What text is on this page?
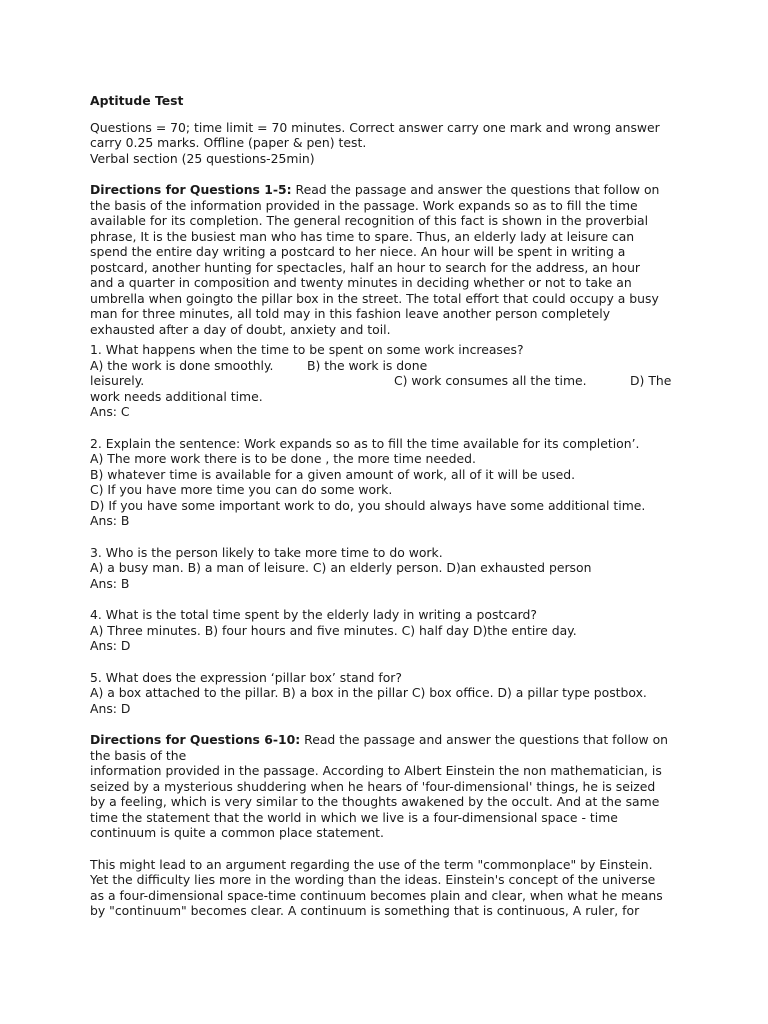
Aptitude Test
Questions = 70; time limit = 70 minutes. Correct answer carry one mark and wrong answer
carry 0.25 marks. Offline (paper & pen) test.
Verbal section (25 questions-25min)
Directions for Questions 1-5: Read the passage and answer the questions that follow on
the basis of the information provided in the passage. Work expands so as to fill the time
available for its completion. The general recognition of this fact is shown in the proverbial
phrase, It is the busiest man who has time to spare. Thus, an elderly lady at leisure can
spend the entire day writing a postcard to her niece. An hour will be spent in writing a
postcard, another hunting for spectacles, half an hour to search for the address, an hour
and a quarter in composition and twenty minutes in deciding whether or not to take an
umbrella when goingto the pillar box in the street. The total effort that could occupy a busy
man for three minutes, all told may in this fashion leave another person completely
exhausted after a day of doubt, anxiety and toil.
1. What happens when the time to be spent on some work increases?
A) the work is done smoothly.	B) the work is done
leisurely.	C) work consumes all the time.	D) The
work needs additional time.
Ans: C
2. Explain the sentence: Work expands so as to fill the time available for its completion’.
A) The more work there is to be done , the more time needed.
B) whatever time is available for a given amount of work, all of it will be used.
C) If you have more time you can do some work.
D) If you have some important work to do, you should always have some additional time.
Ans: B
3. Who is the person likely to take more time to do work.
A) a busy man. B) a man of leisure. C) an elderly person. D)an exhausted person
Ans: B
4. What is the total time spent by the elderly lady in writing a postcard?
A) Three minutes. B) four hours and five minutes. C) half day D)the entire day.
Ans: D
5. What does the expression ‘pillar box’ stand for?
A) a box attached to the pillar. B) a box in the pillar C) box office. D) a pillar type postbox.
Ans: D
Directions for Questions 6-10: Read the passage and answer the questions that follow on
the basis of the
information provided in the passage. According to Albert Einstein the non mathematician, is
seized by a mysterious shuddering when he hears of 'four-dimensional' things, he is seized
by a feeling, which is very similar to the thoughts awakened by the occult. And at the same
time the statement that the world in which we live is a four-dimensional space - time
continuum is quite a common place statement.
This might lead to an argument regarding the use of the term "commonplace" by Einstein.
Yet the difficulty lies more in the wording than the ideas. Einstein's concept of the universe
as a four-dimensional space-time continuum becomes plain and clear, when what he means
by "continuum" becomes clear. A continuum is something that is continuous, A ruler, for
